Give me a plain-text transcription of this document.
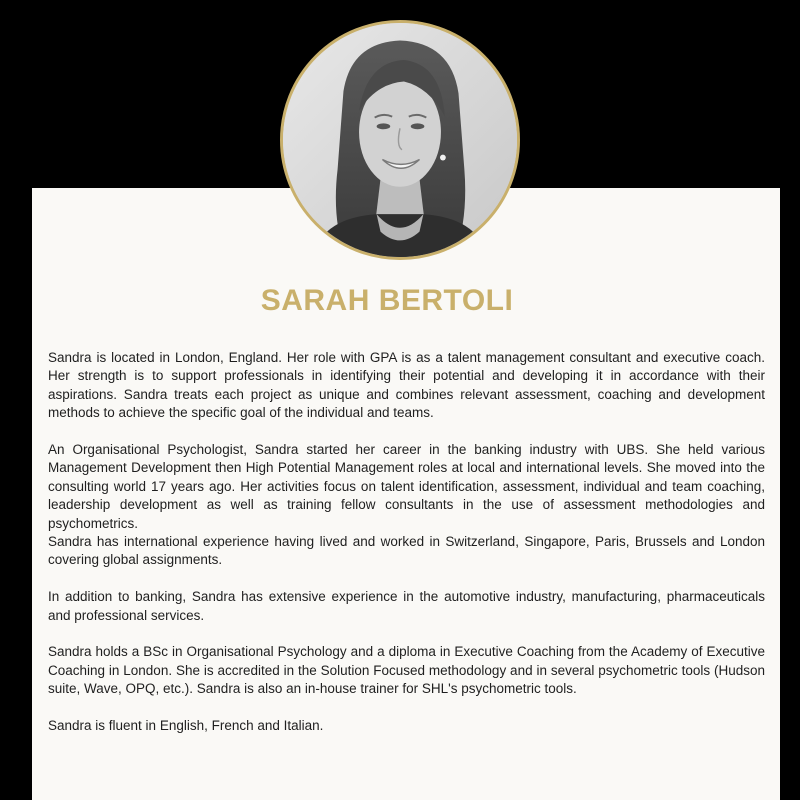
SARAH BERTOLI

Sandra is located in London, England. Her role with GPA is as a talent management consultant and executive coach. Her strength is to support professionals in identifying their potential and developing it in accordance with their aspirations. Sandra treats each project as unique and combines relevant assessment, coaching and development methods to achieve the specific goal of the individual and teams.

An Organisational Psychologist, Sandra started her career in the banking industry with UBS. She held various Management Development then High Potential Management roles at local and international levels. She moved into the consulting world 17 years ago. Her activities focus on talent identification, assessment, individual and team coaching, leadership development as well as training fellow consultants in the use of assessment methodologies and psychometrics.

Sandra has international experience having lived and worked in Switzerland, Singapore, Paris, Brussels and London covering global assignments.

In addition to banking, Sandra has extensive experience in the automotive industry, manufacturing, pharmaceuticals and professional services.

Sandra holds a BSc in Organisational Psychology and a diploma in Executive Coaching from the Academy of Executive Coaching in London. She is accredited in the Solution Focused methodology and in several psychometric tools (Hudson suite, Wave, OPQ, etc.). Sandra is also an in-house trainer for SHL's psychometric tools.

Sandra is fluent in English, French and Italian.
